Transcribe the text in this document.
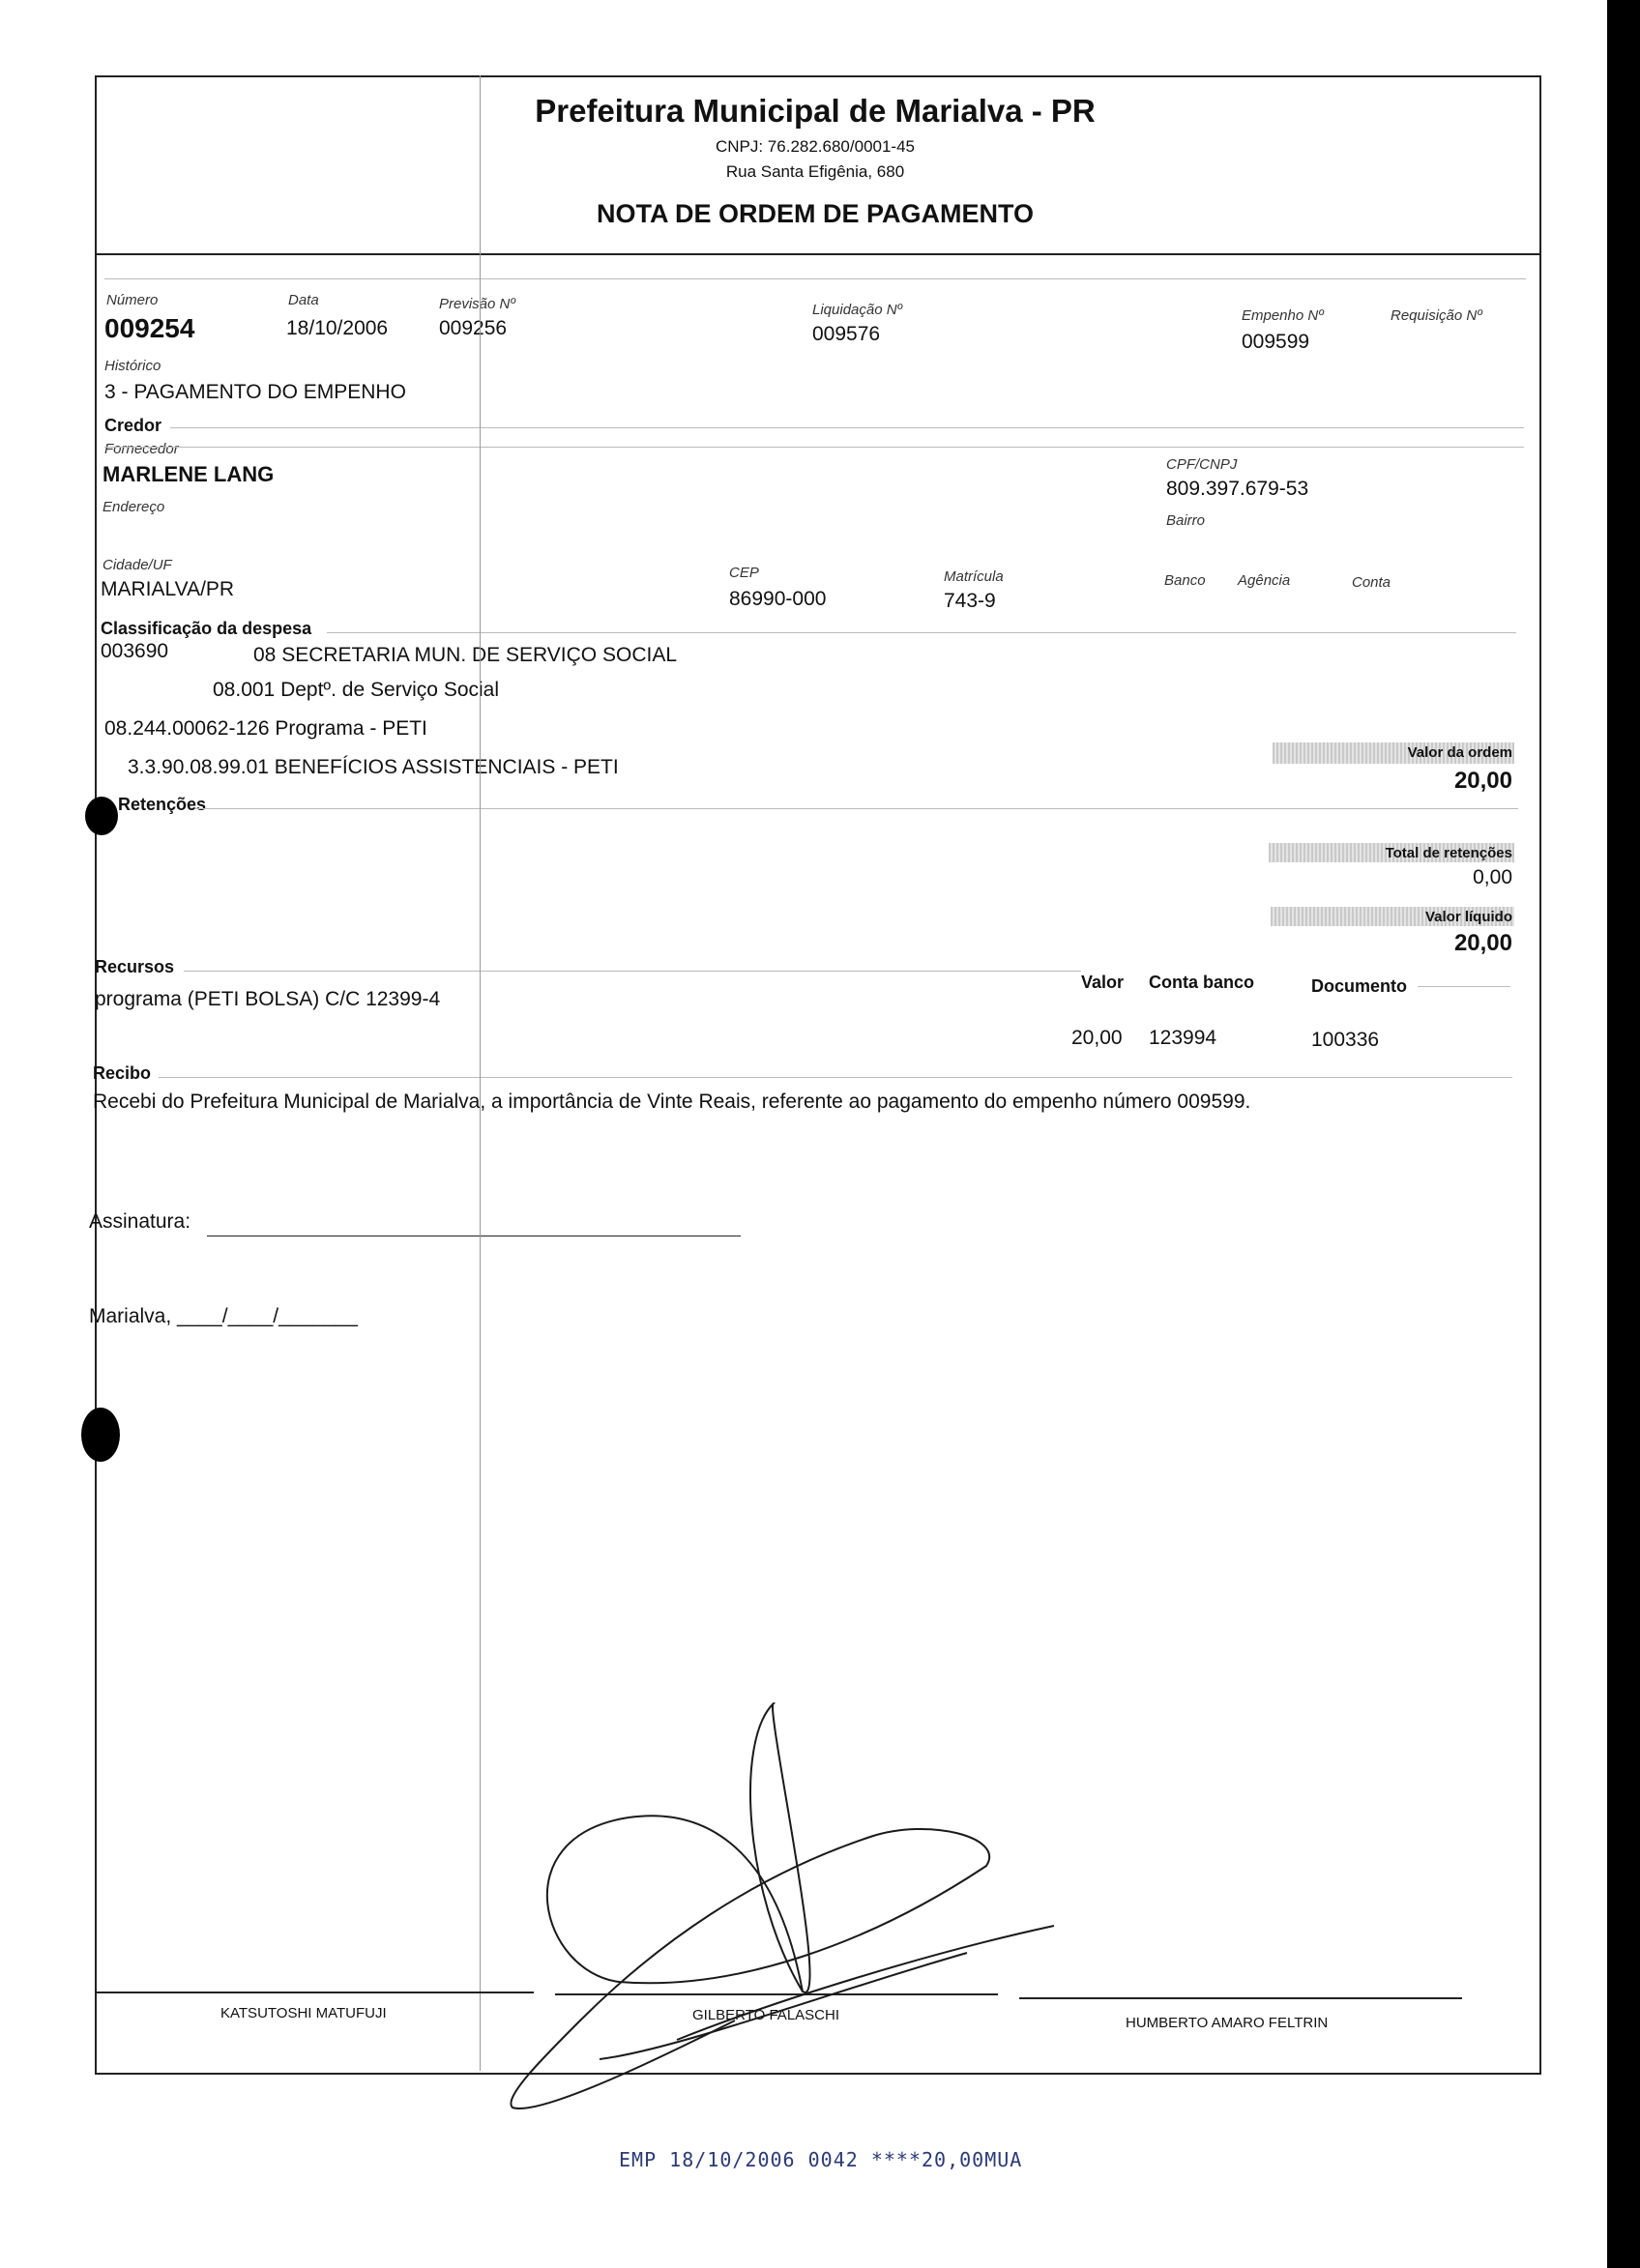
Prefeitura Municipal de Marialva - PR
CNPJ: 76.282.680/0001-45
Rua Santa Efigênia, 680
NOTA DE ORDEM DE PAGAMENTO
Número
009254
Data
18/10/2006
Previsão Nº
009256
Liquidação Nº
009576
Empenho Nº
009599
Requisição Nº
Histórico
3 - PAGAMENTO DO EMPENHO
Credor
Fornecedor
MARLENE LANG	CPF/CNPJ
809.397.679-53
Endereço
Bairro
Cidade/UF
MARIALVA/PR
CEP
86990-000
Matrícula
743-9
Banco Agência	Conta
Classificação da despesa
003690	08 SECRETARIA MUN. DE SERVIÇO SOCIAL
08.001 Deptº. de Serviço Social
08.244.00062-126 Programa - PETI
3.3.90.08.99.01 BENEFÍCIOS ASSISTENCIAIS - PETI
Valor da ordem
20,00
Retenções
Total de retenções
0,00
Valor líquido
20,00
Recursos
Valor Conta banco	Documento
programa (PETI BOLSA) C/C 12399-4
20,00 123994	100336
Recibo
Recebi do Prefeitura Municipal de Marialva, a importância de Vinte Reais, referente ao pagamento do empenho número 009599.
Assinatura:
Marialva, ____/____/_______
KATSUTOSHI MATUFUJI	GILBERTO FALASCHI	HUMBERTO AMARO FELTRIN
EMP 18/10/2006 0042 ****20,00MUA
